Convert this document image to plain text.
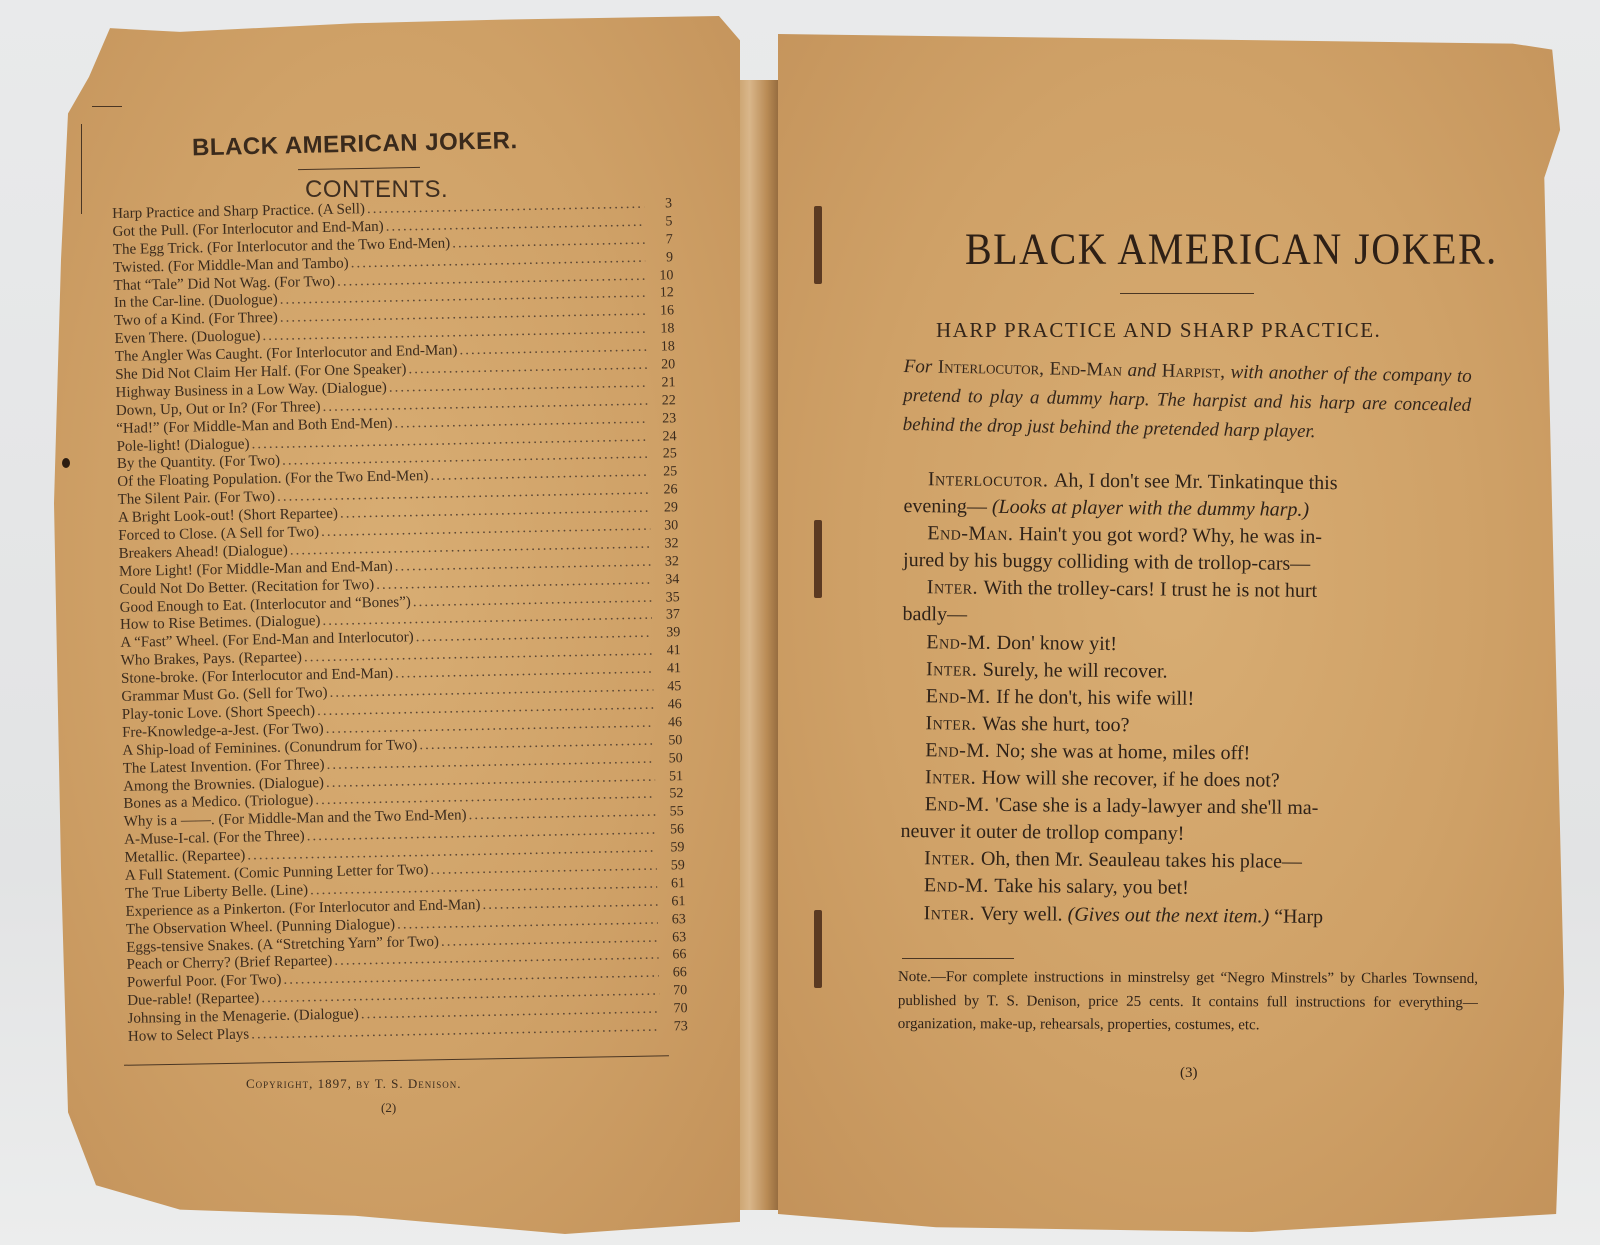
BLACK AMERICAN JOKER.
CONTENTS.
Harp Practice and Sharp Practice. (A Sell) .....	3
Got the Pull. (For Interlocutor and End-Man) .....	5
The Egg Trick. (For Interlocutor and the Two End-Men) .....	7
Twisted. (For Middle-Man and Tambo) .....	9
That “Tale” Did Not Wag. (For Two) .....	10
In the Car-line. (Duologue) .....	12
Two of a Kind. (For Three) .....	16
Even There. (Duologue) .....	18
The Angler Was Caught. (For Interlocutor and End-Man) .....	18
She Did Not Claim Her Half. (For One Speaker) .....	20
Highway Business in a Low Way. (Dialogue) .....	21
Down, Up, Out or In? (For Three) .....	22
“Had!” (For Middle-Man and Both End-Men) .....	23
Pole-light! (Dialogue) .....	24
By the Quantity. (For Two) .....	25
Of the Floating Population. (For the Two End-Men) .....	25
The Silent Pair. (For Two) .....	26
A Bright Look-out! (Short Repartee) .....	29
Forced to Close. (A Sell for Two) .....	30
Breakers Ahead! (Dialogue) .....	32
More Light! (For Middle-Man and End-Man) .....	32
Could Not Do Better. (Recitation for Two) .....	34
Good Enough to Eat. (Interlocutor and “Bones”) .....	35
How to Rise Betimes. (Dialogue) .....	37
A “Fast” Wheel. (For End-Man and Interlocutor) .....	39
Who Brakes, Pays. (Repartee) .....	41
Stone-broke. (For Interlocutor and End-Man) .....	41
Grammar Must Go. (Sell for Two) .....	45
Play-tonic Love. (Short Speech) .....	46
Fre-Knowledge-a-Jest. (For Two) .....	46
A Ship-load of Feminines. (Conundrum for Two) .....	50
The Latest Invention. (For Three) .....	50
Among the Brownies. (Dialogue) .....	51
Bones as a Medico. (Triologue) .....	52
Why is a ——. (For Middle-Man and the Two End-Men) .....	55
A-Muse-I-cal. (For the Three) .....	56
Metallic. (Repartee) .....	59
A Full Statement. (Comic Punning Letter for Two) .....	59
The True Liberty Belle. (Line) .....	61
Experience as a Pinkerton. (For Interlocutor and End-Man) .....	61
The Observation Wheel. (Punning Dialogue) .....	63
Eggs-tensive Snakes. (A “Stretching Yarn” for Two) .....	63
Peach or Cherry? (Brief Repartee) .....	66
Powerful Poor. (For Two) .....	66
Due-rable! (Repartee) .....	70
Johnsing in the Menagerie. (Dialogue) .....	70
How to Select Plays .....	73
Copyright, 1897, by T. S. Denison.
(2)
BLACK AMERICAN JOKER.
HARP PRACTICE AND SHARP PRACTICE.
For Interlocutor, End-Man and Harpist, with another of the company to pretend to play a dummy harp. The harpist and his harp are concealed behind the drop just behind the pretended harp player.
Interlocutor. Ah, I don't see Mr. Tinkatinque this
evening— (Looks at player with the dummy harp.)
End-Man. Hain't you got word? Why, he was in-
jured by his buggy colliding with de trollop-cars—
Inter. With the trolley-cars! I trust he is not hurt
badly—
End-M. Don' know yit!
Inter. Surely, he will recover.
End-M. If he don't, his wife will!
Inter. Was she hurt, too?
End-M. No; she was at home, miles off!
Inter. How will she recover, if he does not?
End-M. 'Case she is a lady-lawyer and she'll ma-
neuver it outer de trollop company!
Inter. Oh, then Mr. Seauleau takes his place—
End-M. Take his salary, you bet!
Inter. Very well. (Gives out the next item.) “Harp
Note.—For complete instructions in minstrelsy get “Negro Minstrels” by Charles Townsend, published by T. S. Denison, price 25 cents. It contains full instructions for everything—organization, make-up, rehearsals, properties, costumes, etc.
(3)
